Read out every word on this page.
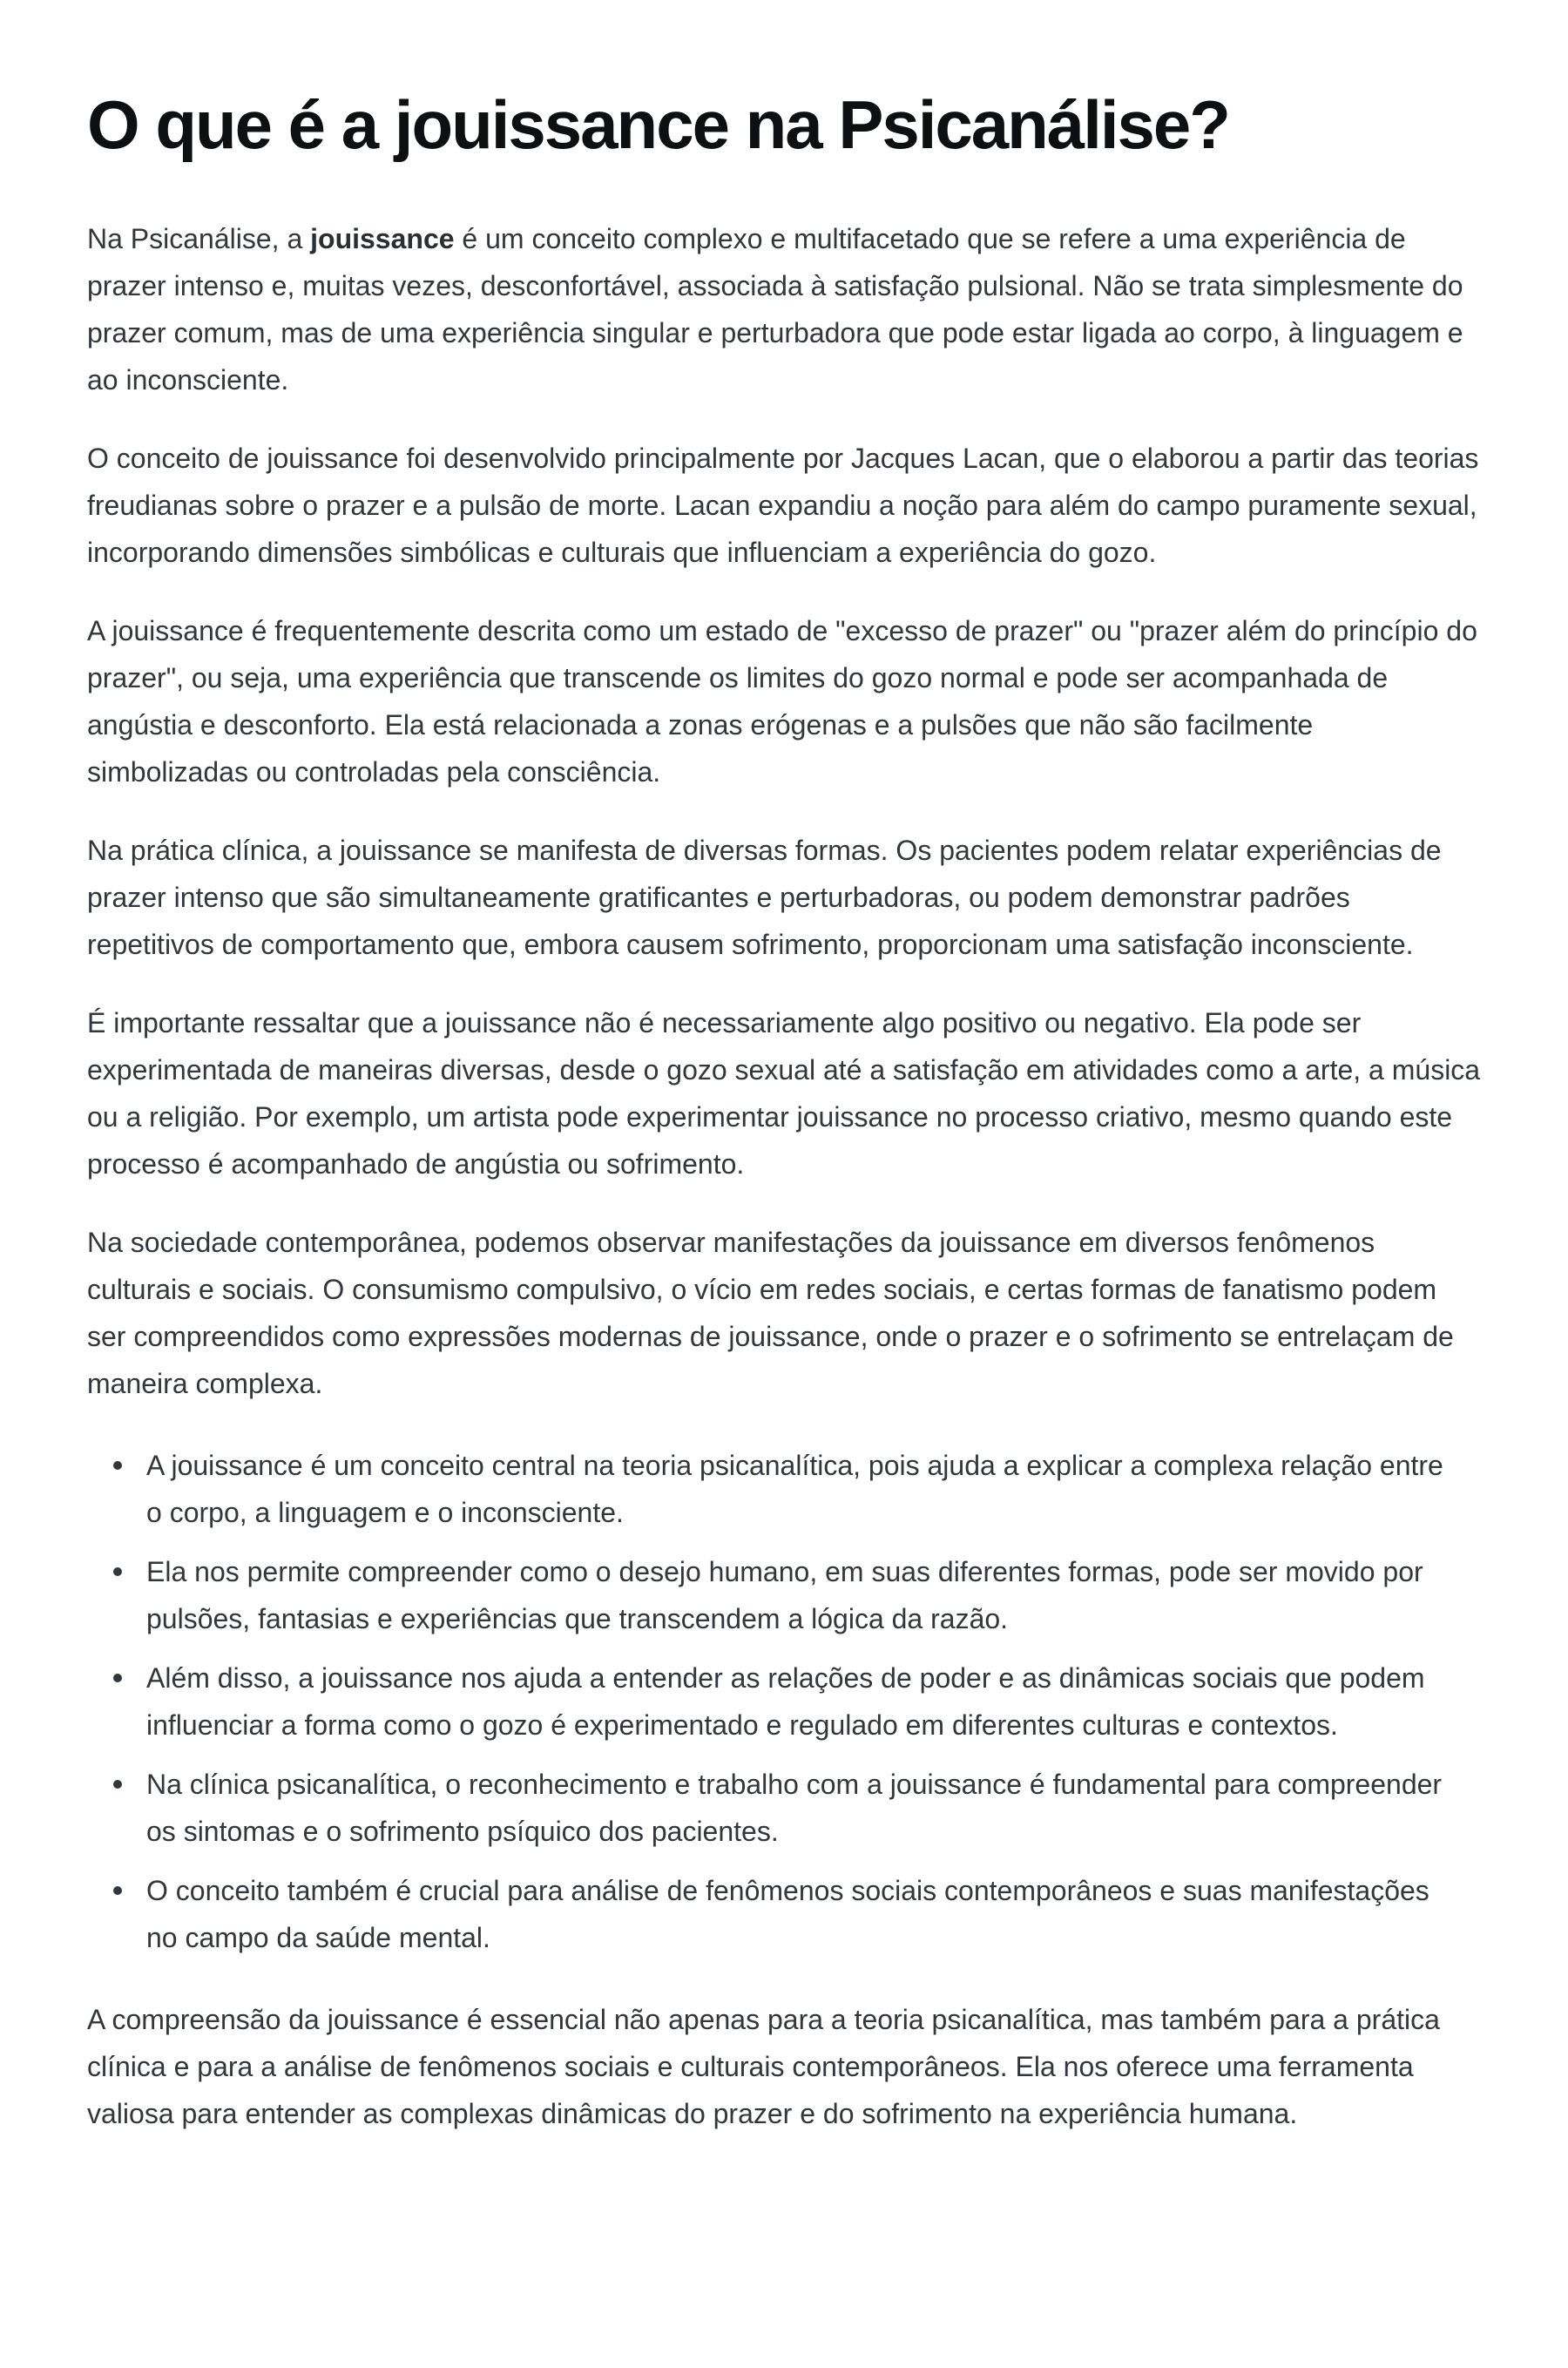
O que é a jouissance na Psicanálise?

Na Psicanálise, a jouissance é um conceito complexo e multifacetado que se refere a uma experiência de prazer intenso e, muitas vezes, desconfortável, associada à satisfação pulsional. Não se trata simplesmente do prazer comum, mas de uma experiência singular e perturbadora que pode estar ligada ao corpo, à linguagem e ao inconsciente.

O conceito de jouissance foi desenvolvido principalmente por Jacques Lacan, que o elaborou a partir das teorias freudianas sobre o prazer e a pulsão de morte. Lacan expandiu a noção para além do campo puramente sexual, incorporando dimensões simbólicas e culturais que influenciam a experiência do gozo.

A jouissance é frequentemente descrita como um estado de "excesso de prazer" ou "prazer além do princípio do prazer", ou seja, uma experiência que transcende os limites do gozo normal e pode ser acompanhada de angústia e desconforto. Ela está relacionada a zonas erógenas e a pulsões que não são facilmente simbolizadas ou controladas pela consciência.

Na prática clínica, a jouissance se manifesta de diversas formas. Os pacientes podem relatar experiências de prazer intenso que são simultaneamente gratificantes e perturbadoras, ou podem demonstrar padrões repetitivos de comportamento que, embora causem sofrimento, proporcionam uma satisfação inconsciente.

É importante ressaltar que a jouissance não é necessariamente algo positivo ou negativo. Ela pode ser experimentada de maneiras diversas, desde o gozo sexual até a satisfação em atividades como a arte, a música ou a religião. Por exemplo, um artista pode experimentar jouissance no processo criativo, mesmo quando este processo é acompanhado de angústia ou sofrimento.

Na sociedade contemporânea, podemos observar manifestações da jouissance em diversos fenômenos culturais e sociais. O consumismo compulsivo, o vício em redes sociais, e certas formas de fanatismo podem ser compreendidos como expressões modernas de jouissance, onde o prazer e o sofrimento se entrelaçam de maneira complexa.

A jouissance é um conceito central na teoria psicanalítica, pois ajuda a explicar a complexa relação entre o corpo, a linguagem e o inconsciente.
Ela nos permite compreender como o desejo humano, em suas diferentes formas, pode ser movido por pulsões, fantasias e experiências que transcendem a lógica da razão.
Além disso, a jouissance nos ajuda a entender as relações de poder e as dinâmicas sociais que podem influenciar a forma como o gozo é experimentado e regulado em diferentes culturas e contextos.
Na clínica psicanalítica, o reconhecimento e trabalho com a jouissance é fundamental para compreender os sintomas e o sofrimento psíquico dos pacientes.
O conceito também é crucial para análise de fenômenos sociais contemporâneos e suas manifestações no campo da saúde mental.

A compreensão da jouissance é essencial não apenas para a teoria psicanalítica, mas também para a prática clínica e para a análise de fenômenos sociais e culturais contemporâneos. Ela nos oferece uma ferramenta valiosa para entender as complexas dinâmicas do prazer e do sofrimento na experiência humana.
